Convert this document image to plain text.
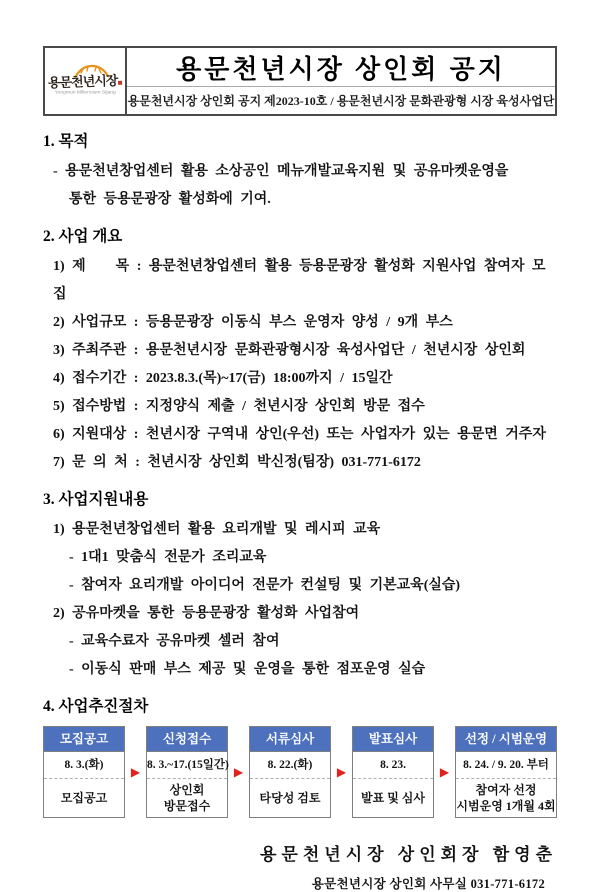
용문천년시장
Yongmun Millennium Sijang
용문천년시장 상인회 공지
용문천년시장 상인회 공지 제2023-10호 / 용문천년시장 문화관광형 시장 육성사업단
1. 목적

- 용문천년창업센터 활용 소상공인 메뉴개발교육지원 및 공유마켓운영을

통한 등용문광장 활성화에 기여.

2. 사업 개요

1) 제    목 : 용문천년창업센터 활용 등용문광장 활성화 지원사업 참여자 모집

2) 사업규모 : 등용문광장 이동식 부스 운영자 양성 / 9개 부스

3) 주최주관 : 용문천년시장 문화관광형시장 육성사업단 / 천년시장 상인회

4) 접수기간 : 2023.8.3.(목)~17(금) 18:00까지 / 15일간

5) 접수방법 : 지정양식 제출 / 천년시장 상인회 방문 접수

6) 지원대상 : 천년시장 구역내 상인(우선) 또는 사업자가 있는 용문면 거주자

7) 문 의 처 : 천년시장 상인회 박신정(팀장) 031-771-6172

3. 사업지원내용

1) 용문천년창업센터 활용 요리개발 및 레시피 교육

- 1대1 맞춤식 전문가 조리교육

- 참여자 요리개발 아이디어 전문가 컨설팅 및 기본교육(실습)

2) 공유마켓을 통한 등용문광장 활성화 사업참여

- 교육수료자 공유마켓 셀러 참여

- 이동식 판매 부스 제공 및 운영을 통한 점포운영 실습

4. 사업추진절차
모집공고
8. 3.(화)
모집공고
▶
신청접수
8. 3.~17.(15일간)
상인회
방문접수
▶
서류심사
8. 22.(화)
타당성 검토
▶
발표심사
8. 23.
발표 및 심사
▶
선정 / 시범운영
8. 24. / 9. 20. 부터
참여자 선정
시범운영 1개월 4회
용문천년시장 상인회장 함영춘
용문천년시장 상인회 사무실 031-771-6172
